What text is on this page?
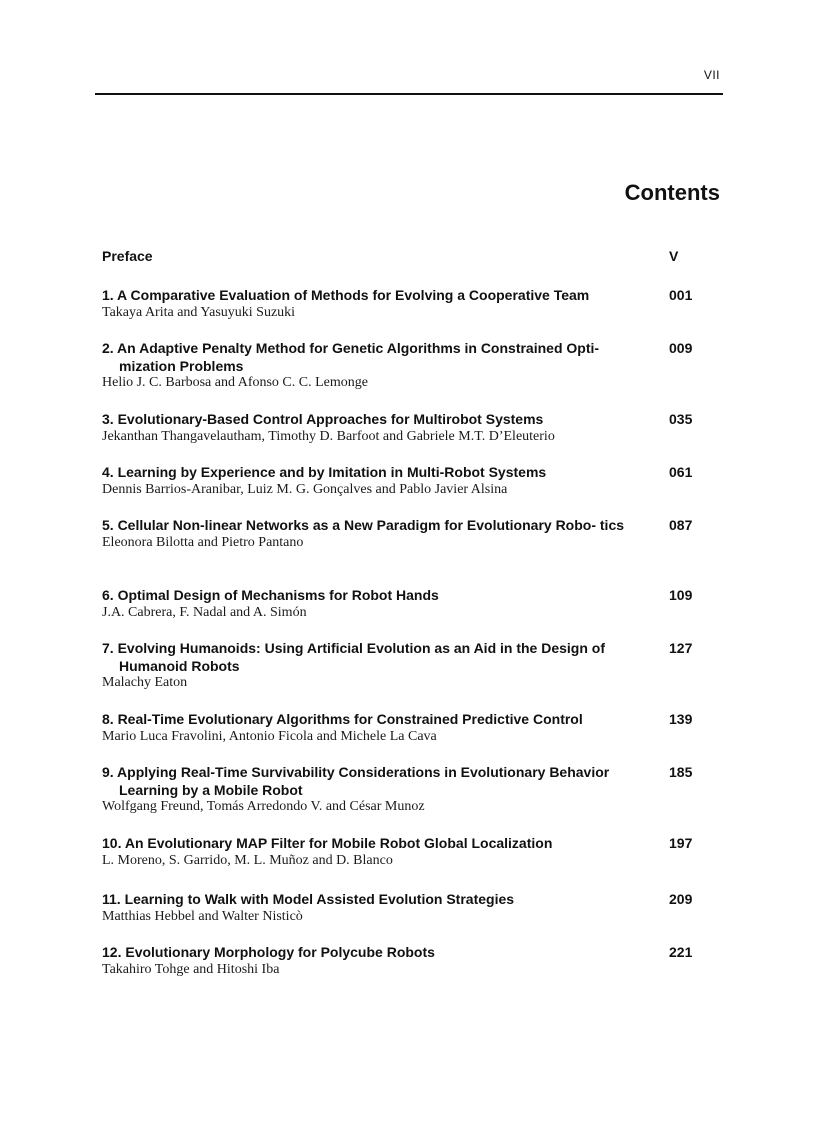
VII
Contents
Preface	V
1. A Comparative Evaluation of Methods for Evolving a Cooperative Team
Takaya Arita and Yasuyuki Suzuki
001
2. An Adaptive Penalty Method for Genetic Algorithms in Constrained Opti- mization Problems
Helio J. C. Barbosa and Afonso C. C. Lemonge
009
3. Evolutionary-Based Control Approaches for Multirobot Systems
Jekanthan Thangavelautham, Timothy D. Barfoot and Gabriele M.T. D’Eleuterio
035
4. Learning by Experience and by Imitation in Multi-Robot Systems
Dennis Barrios-Aranibar, Luiz M. G. Gonçalves and Pablo Javier Alsina
061
5. Cellular Non-linear Networks as a New Paradigm for Evolutionary Robo- tics
Eleonora Bilotta and Pietro Pantano
087
6. Optimal Design of Mechanisms for Robot Hands
J.A. Cabrera, F. Nadal and A. Simón
109
7. Evolving Humanoids: Using Artificial Evolution as an Aid in the Design of Humanoid Robots
Malachy Eaton
127
8. Real-Time Evolutionary Algorithms for Constrained Predictive Control
Mario Luca Fravolini, Antonio Ficola and Michele La Cava
139
9. Applying Real-Time Survivability Considerations in Evolutionary Behavior Learning by a Mobile Robot
Wolfgang Freund, Tomás Arredondo V. and César Munoz
185
10. An Evolutionary MAP Filter for Mobile Robot Global Localization
L. Moreno, S. Garrido, M. L. Muñoz and D. Blanco
197
11. Learning to Walk with Model Assisted Evolution Strategies
Matthias Hebbel and Walter Nisticò
209
12. Evolutionary Morphology for Polycube Robots
Takahiro Tohge and Hitoshi Iba
221
